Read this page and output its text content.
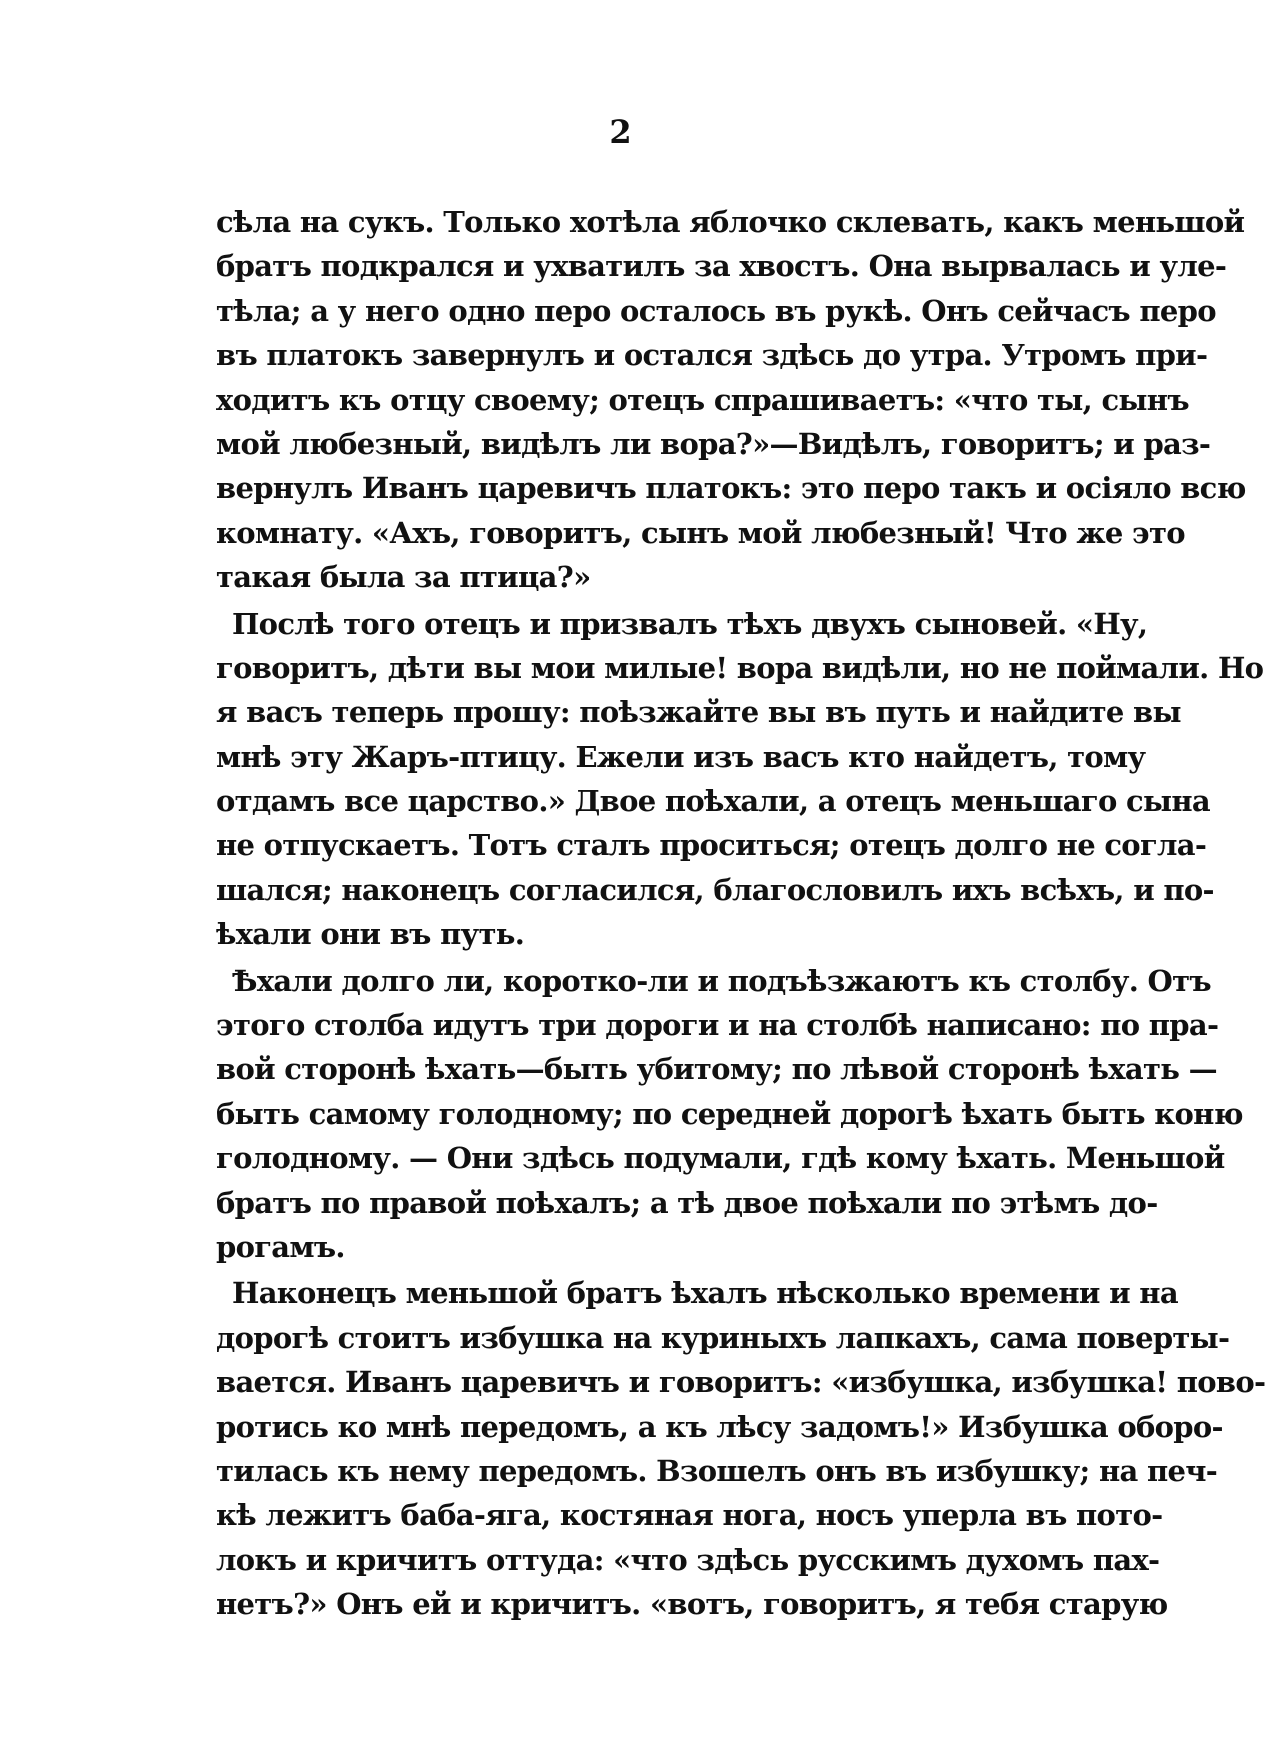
2
сѣла на сукъ. Только хотѣла яблочко склевать, какъ меньшой
братъ подкрался и ухватилъ за хвостъ. Она вырвалась и уле-
тѣла; а у него одно перо осталось въ рукѣ. Онъ сейчасъ перо
въ платокъ завернулъ и остался здѣсь до утра. Утромъ при-
ходитъ къ отцу своему; отецъ спрашиваетъ: «что ты, сынъ
мой любезный, видѣлъ ли вора?»—Видѣлъ, говоритъ; и раз-
вернулъ Иванъ царевичъ платокъ: это перо такъ и осіяло всю
комнату. «Ахъ, говоритъ, сынъ мой любезный! Что же это
такая была за птица?»
Послѣ того отецъ и призвалъ тѣхъ двухъ сыновей. «Ну,
говоритъ, дѣти вы мои милые! вора видѣли, но не поймали. Но
я васъ теперь прошу: поѣзжайте вы въ путь и найдите вы
мнѣ эту Жаръ-птицу. Ежели изъ васъ кто найдетъ, тому
отдамъ все царство.» Двое поѣхали, а отецъ меньшаго сына
не отпускаетъ. Тотъ сталъ проситься; отецъ долго не согла-
шался; наконецъ согласился, благословилъ ихъ всѣхъ, и по-
ѣхали они въ путь.
Ѣхали долго ли, коротко-ли и подъѣзжаютъ къ столбу. Отъ
этого столба идутъ три дороги и на столбѣ написано: по пра-
вой сторонѣ ѣхать—быть убитому; по лѣвой сторонѣ ѣхать —
быть самому голодному; по середней дорогѣ ѣхать быть коню
голодному. — Они здѣсь подумали, гдѣ кому ѣхать. Меньшой
братъ по правой поѣхалъ; а тѣ двое поѣхали по этѣмъ до-
рогамъ.
Наконецъ меньшой братъ ѣхалъ нѣсколько времени и на
дорогѣ стоитъ избушка на куриныхъ лапкахъ, сама поверты-
вается. Иванъ царевичъ и говоритъ: «избушка, избушка! пово-
ротись ко мнѣ передомъ, а къ лѣсу задомъ!» Избушка оборо-
тилась къ нему передомъ. Взошелъ онъ въ избушку; на печ-
кѣ лежитъ баба-яга, костяная нога, носъ уперла въ пото-
локъ и кричитъ оттуда: «что здѣсь русскимъ духомъ пах-
нетъ?» Онъ ей и кричитъ. «вотъ, говоритъ, я тебя старую
